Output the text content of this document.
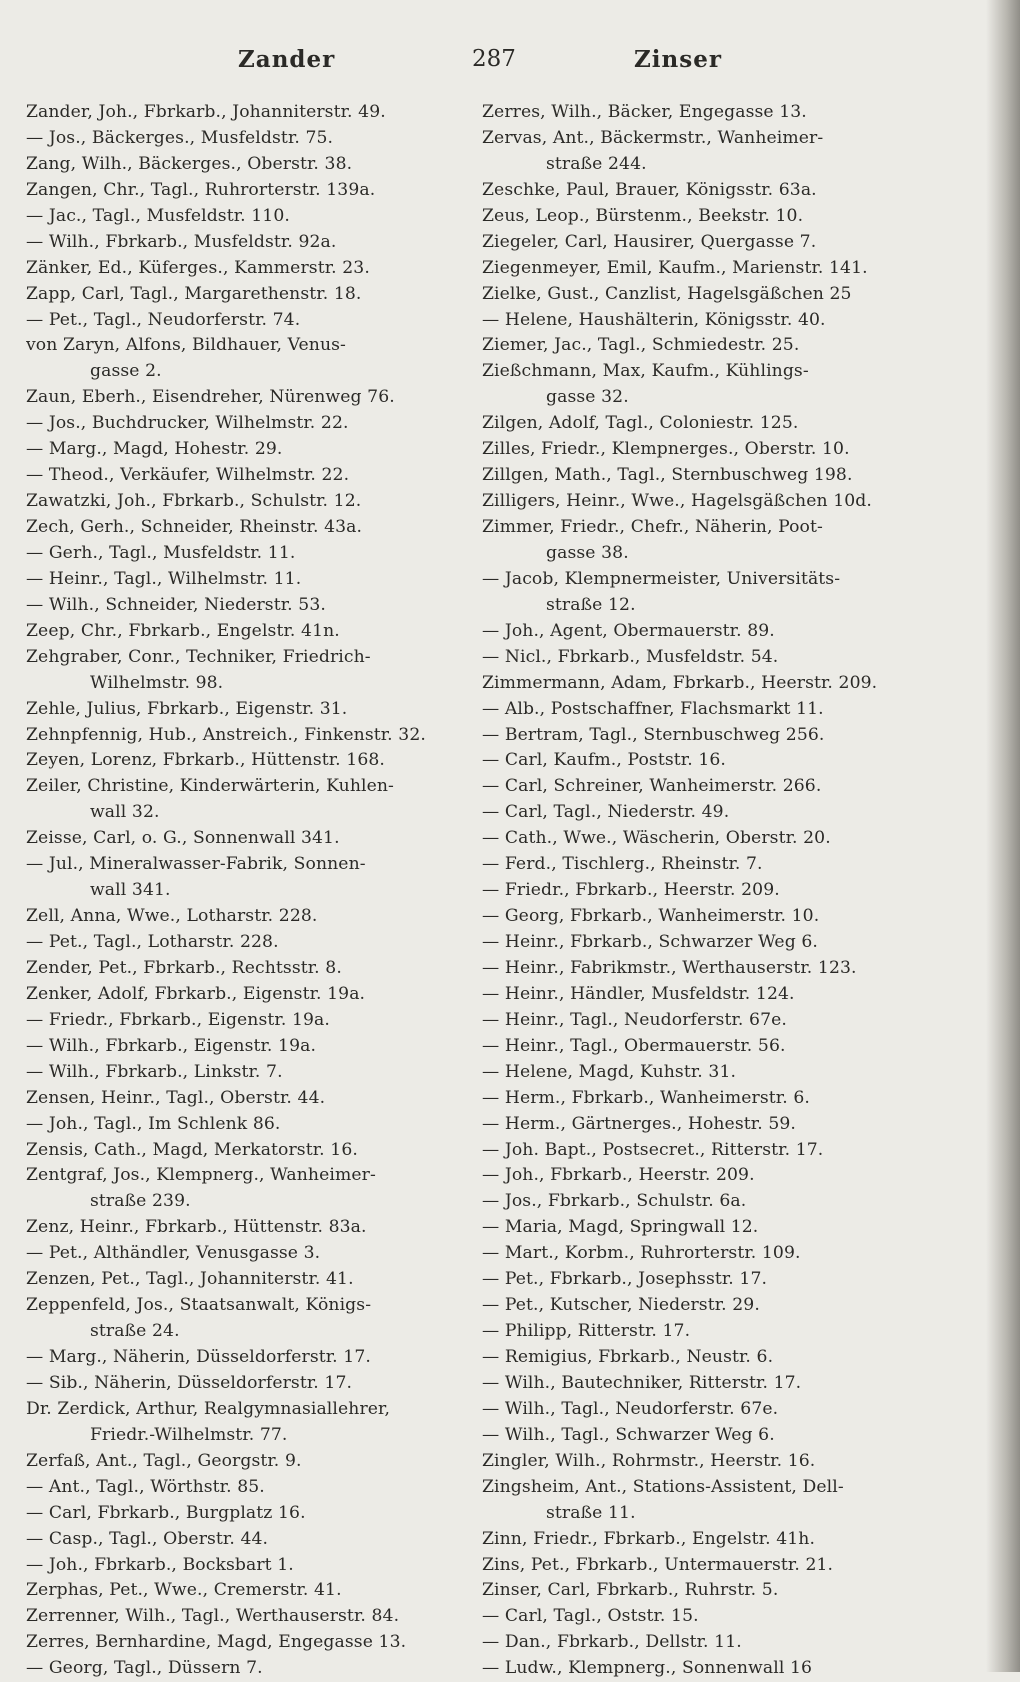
Zander	287	Zinser
Zander, Joh., Fbrkarb., Johanniterstr. 49.
— Jos., Bäckerges., Musfeldstr. 75.
Zang, Wilh., Bäckerges., Oberstr. 38.
Zangen, Chr., Tagl., Ruhrorterstr. 139a.
— Jac., Tagl., Musfeldstr. 110.
— Wilh., Fbrkarb., Musfeldstr. 92a.
Zänker, Ed., Küferges., Kammerstr. 23.
Zapp, Carl, Tagl., Margarethenstr. 18.
— Pet., Tagl., Neudorferstr. 74.
von Zaryn, Alfons, Bildhauer, Venus-
gasse 2.
Zaun, Eberh., Eisendreher, Nürenweg 76.
— Jos., Buchdrucker, Wilhelmstr. 22.
— Marg., Magd, Hohestr. 29.
— Theod., Verkäufer, Wilhelmstr. 22.
Zawatzki, Joh., Fbrkarb., Schulstr. 12.
Zech, Gerh., Schneider, Rheinstr. 43a.
— Gerh., Tagl., Musfeldstr. 11.
— Heinr., Tagl., Wilhelmstr. 11.
— Wilh., Schneider, Niederstr. 53.
Zeep, Chr., Fbrkarb., Engelstr. 41n.
Zehgraber, Conr., Techniker, Friedrich-
Wilhelmstr. 98.
Zehle, Julius, Fbrkarb., Eigenstr. 31.
Zehnpfennig, Hub., Anstreich., Finkenstr. 32.
Zeyen, Lorenz, Fbrkarb., Hüttenstr. 168.
Zeiler, Christine, Kinderwärterin, Kuhlen-
wall 32.
Zeisse, Carl, o. G., Sonnenwall 341.
— Jul., Mineralwasser-Fabrik, Sonnen-
wall 341.
Zell, Anna, Wwe., Lotharstr. 228.
— Pet., Tagl., Lotharstr. 228.
Zender, Pet., Fbrkarb., Rechtsstr. 8.
Zenker, Adolf, Fbrkarb., Eigenstr. 19a.
— Friedr., Fbrkarb., Eigenstr. 19a.
— Wilh., Fbrkarb., Eigenstr. 19a.
— Wilh., Fbrkarb., Linkstr. 7.
Zensen, Heinr., Tagl., Oberstr. 44.
— Joh., Tagl., Im Schlenk 86.
Zensis, Cath., Magd, Merkatorstr. 16.
Zentgraf, Jos., Klempnerg., Wanheimer-
straße 239.
Zenz, Heinr., Fbrkarb., Hüttenstr. 83a.
— Pet., Althändler, Venusgasse 3.
Zenzen, Pet., Tagl., Johanniterstr. 41.
Zeppenfeld, Jos., Staatsanwalt, Königs-
straße 24.
— Marg., Näherin, Düsseldorferstr. 17.
— Sib., Näherin, Düsseldorferstr. 17.
Dr. Zerdick, Arthur, Realgymnasiallehrer,
Friedr.-Wilhelmstr. 77.
Zerfaß, Ant., Tagl., Georgstr. 9.
— Ant., Tagl., Wörthstr. 85.
— Carl, Fbrkarb., Burgplatz 16.
— Casp., Tagl., Oberstr. 44.
— Joh., Fbrkarb., Bocksbart 1.
Zerphas, Pet., Wwe., Cremerstr. 41.
Zerrenner, Wilh., Tagl., Werthauserstr. 84.
Zerres, Bernhardine, Magd, Engegasse 13.
— Georg, Tagl., Düssern 7.
Zerres, Wilh., Bäcker, Engegasse 13.
Zervas, Ant., Bäckermstr., Wanheimer-
straße 244.
Zeschke, Paul, Brauer, Königsstr. 63a.
Zeus, Leop., Bürstenm., Beekstr. 10.
Ziegeler, Carl, Hausirer, Quergasse 7.
Ziegenmeyer, Emil, Kaufm., Marienstr. 141.
Zielke, Gust., Canzlist, Hagelsgäßchen 25
— Helene, Haushälterin, Königsstr. 40.
Ziemer, Jac., Tagl., Schmiedestr. 25.
Zießchmann, Max, Kaufm., Kühlings-
gasse 32.
Zilgen, Adolf, Tagl., Coloniestr. 125.
Zilles, Friedr., Klempnerges., Oberstr. 10.
Zillgen, Math., Tagl., Sternbuschweg 198.
Zilligers, Heinr., Wwe., Hagelsgäßchen 10d.
Zimmer, Friedr., Chefr., Näherin, Poot-
gasse 38.
— Jacob, Klempnermeister, Universitäts-
straße 12.
— Joh., Agent, Obermauerstr. 89.
— Nicl., Fbrkarb., Musfeldstr. 54.
Zimmermann, Adam, Fbrkarb., Heerstr. 209.
— Alb., Postschaffner, Flachsmarkt 11.
— Bertram, Tagl., Sternbuschweg 256.
— Carl, Kaufm., Poststr. 16.
— Carl, Schreiner, Wanheimerstr. 266.
— Carl, Tagl., Niederstr. 49.
— Cath., Wwe., Wäscherin, Oberstr. 20.
— Ferd., Tischlerg., Rheinstr. 7.
— Friedr., Fbrkarb., Heerstr. 209.
— Georg, Fbrkarb., Wanheimerstr. 10.
— Heinr., Fbrkarb., Schwarzer Weg 6.
— Heinr., Fabrikmstr., Werthauserstr. 123.
— Heinr., Händler, Musfeldstr. 124.
— Heinr., Tagl., Neudorferstr. 67e.
— Heinr., Tagl., Obermauerstr. 56.
— Helene, Magd, Kuhstr. 31.
— Herm., Fbrkarb., Wanheimerstr. 6.
— Herm., Gärtnerges., Hohestr. 59.
— Joh. Bapt., Postsecret., Ritterstr. 17.
— Joh., Fbrkarb., Heerstr. 209.
— Jos., Fbrkarb., Schulstr. 6a.
— Maria, Magd, Springwall 12.
— Mart., Korbm., Ruhrorterstr. 109.
— Pet., Fbrkarb., Josephsstr. 17.
— Pet., Kutscher, Niederstr. 29.
— Philipp, Ritterstr. 17.
— Remigius, Fbrkarb., Neustr. 6.
— Wilh., Bautechniker, Ritterstr. 17.
— Wilh., Tagl., Neudorferstr. 67e.
— Wilh., Tagl., Schwarzer Weg 6.
Zingler, Wilh., Rohrmstr., Heerstr. 16.
Zingsheim, Ant., Stations-Assistent, Dell-
straße 11.
Zinn, Friedr., Fbrkarb., Engelstr. 41h.
Zins, Pet., Fbrkarb., Untermauerstr. 21.
Zinser, Carl, Fbrkarb., Ruhrstr. 5.
— Carl, Tagl., Oststr. 15.
— Dan., Fbrkarb., Dellstr. 11.
— Ludw., Klempnerg., Sonnenwall 16
